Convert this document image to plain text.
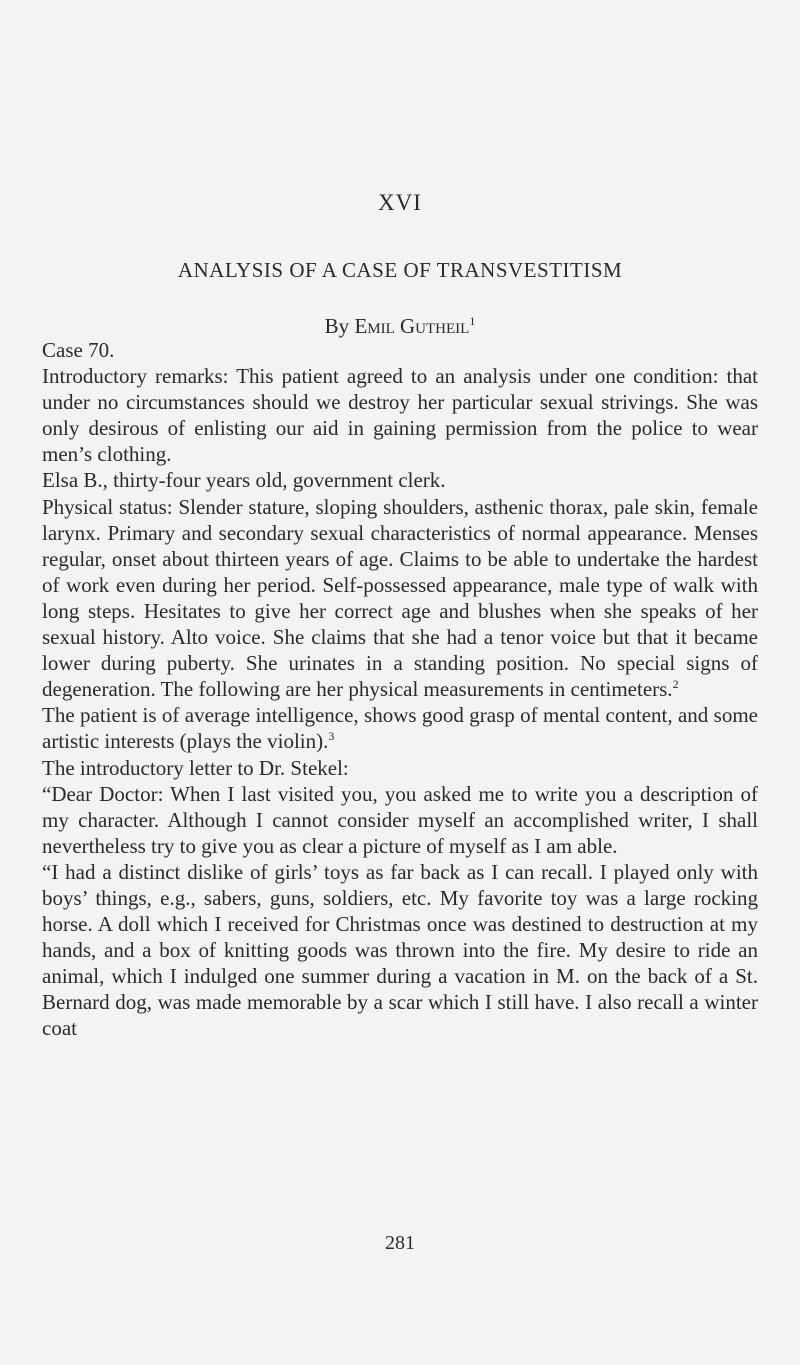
XVI
ANALYSIS OF A CASE OF TRANSVESTITISM
By Emil Gutheil$^1$

Case 70.

Introductory remarks: This patient agreed to an analysis under one condition: that under no circumstances should we destroy her particular sexual strivings. She was only desirous of enlisting our aid in gaining permission from the police to wear men’s clothing.

Elsa B., thirty-four years old, government clerk.

Physical status: Slender stature, sloping shoulders, asthenic thorax, pale skin, female larynx. Primary and secondary sexual characteristics of normal appearance. Menses regular, onset about thirteen years of age. Claims to be able to undertake the hardest of work even during her period. Self-possessed appearance, male type of walk with long steps. Hesitates to give her correct age and blushes when she speaks of her sexual history. Alto voice. She claims that she had a tenor voice but that it became lower during puberty. She urinates in a standing position. No special signs of degeneration. The following are her physical measurements in centimeters.$^2$

The patient is of average intelligence, shows good grasp of mental content, and some artistic interests (plays the violin).$^3$

The introductory letter to Dr. Stekel:

“Dear Doctor: When I last visited you, you asked me to write you a description of my character. Although I cannot consider myself an accomplished writer, I shall nevertheless try to give you as clear a picture of myself as I am able.

“I had a distinct dislike of girls’ toys as far back as I can recall. I played only with boys’ things, e.g., sabers, guns, soldiers, etc. My favorite toy was a large rocking horse. A doll which I received for Christmas once was destined to destruction at my hands, and a box of knitting goods was thrown into the fire. My desire to ride an animal, which I indulged one summer during a vacation in M. on the back of a St. Bernard dog, was made memorable by a scar which I still have. I also recall a winter coat

281
